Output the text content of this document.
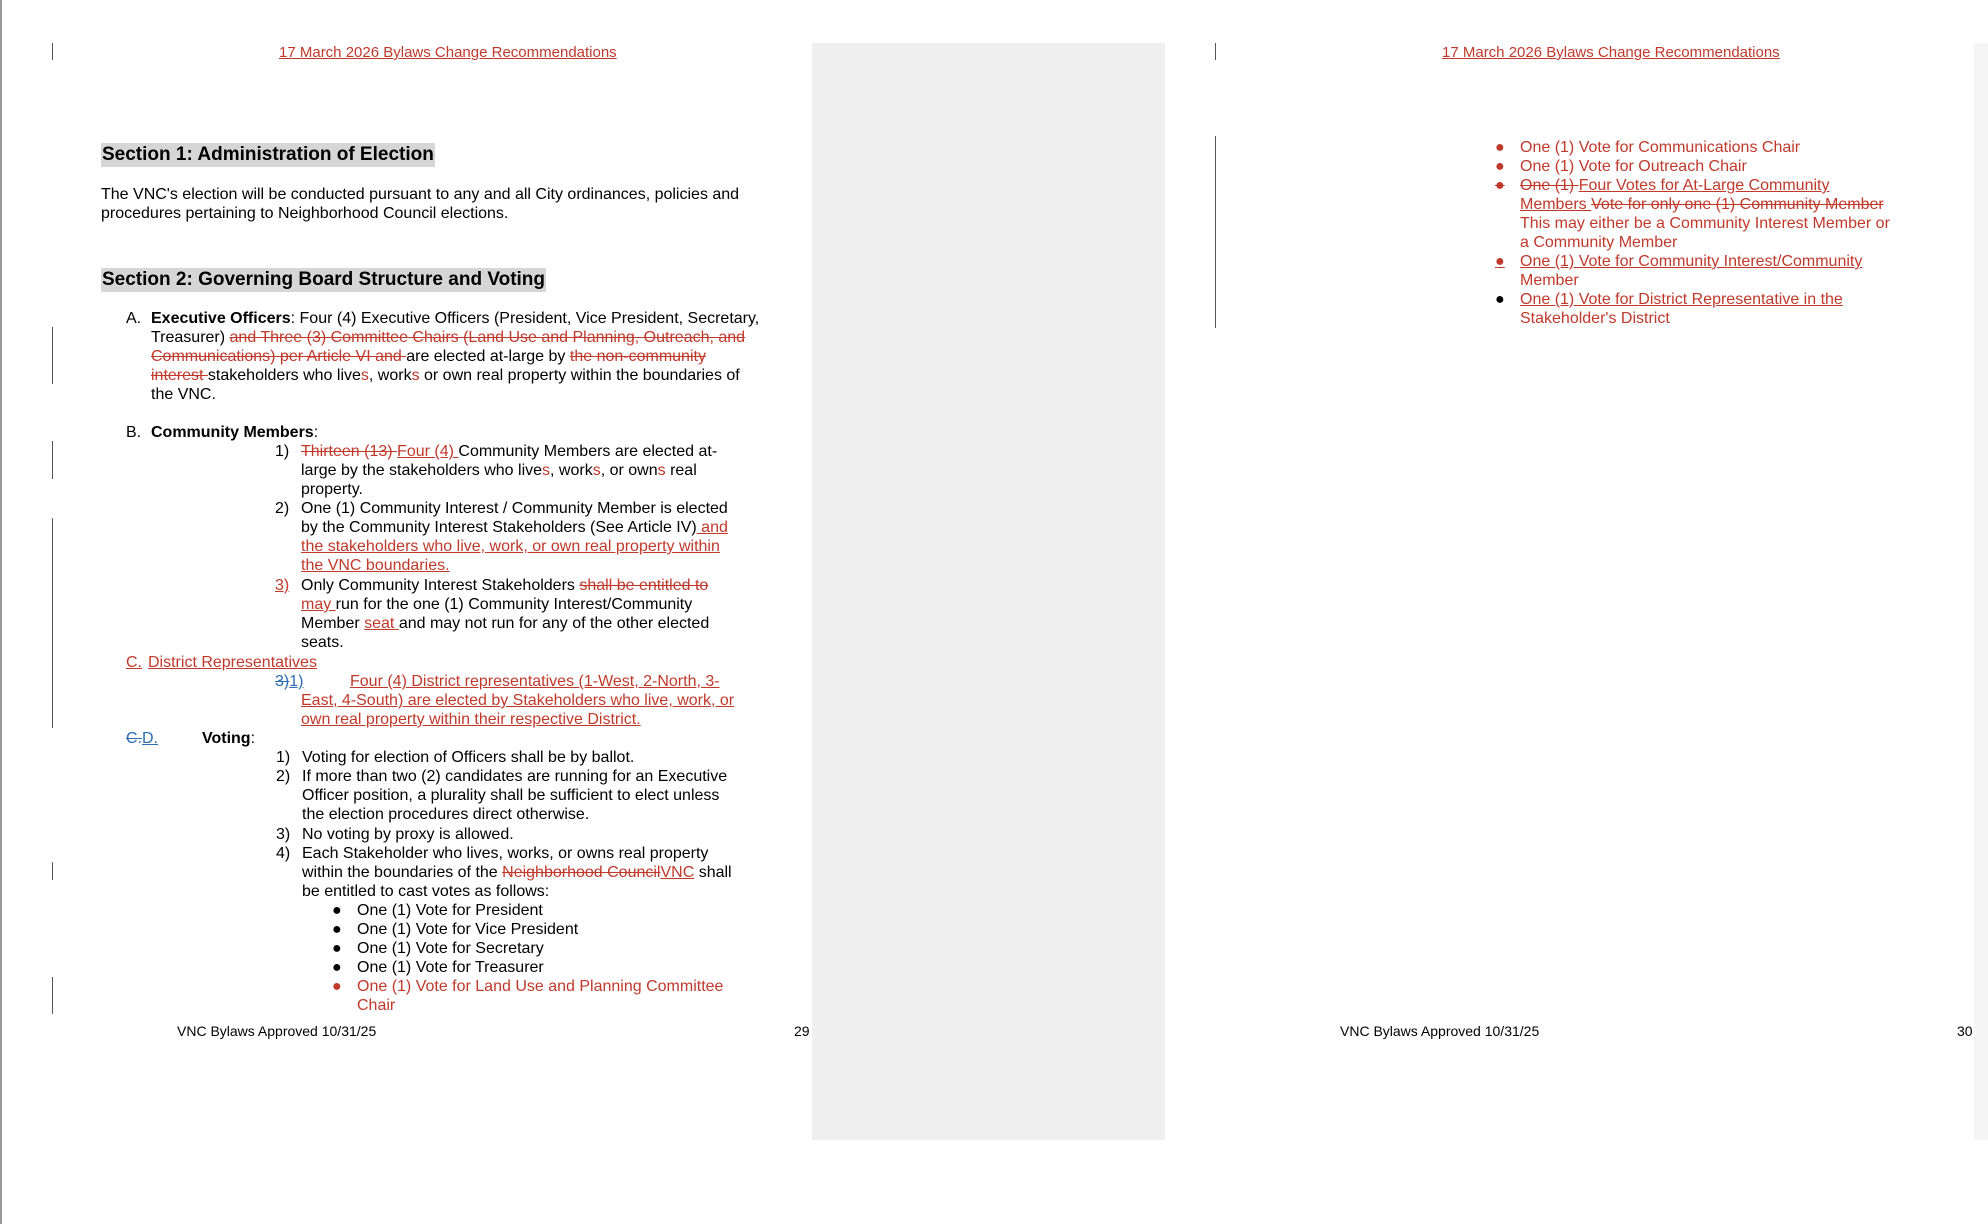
17 March 2026 Bylaws Change Recommendations
Section 1: Administration of Election
The VNC's election will be conducted pursuant to any and all City ordinances, policies and procedures pertaining to Neighborhood Council elections.
Section 2: Governing Board Structure and Voting
A. Executive Officers: Four (4) Executive Officers (President, Vice President, Secretary, Treasurer) and Three (3) Committee Chairs (Land Use and Planning, Outreach, and Communications) per Article VI and are elected at-large by the non-community interest stakeholders who lives, works or own real property within the boundaries of the VNC.
B. Community Members:
1) Thirteen (13) Four (4) Community Members are elected at-large by the stakeholders who lives, works, or owns real property.
2) One (1) Community Interest / Community Member is elected by the Community Interest Stakeholders (See Article IV) and the stakeholders who live, work, or own real property within the VNC boundaries.
3) Only Community Interest Stakeholders shall be entitled to may run for the one (1) Community Interest/Community Member seat and may not run for any of the other elected seats.
C. District Representatives
3)1)	Four (4) District representatives (1-West, 2-North, 3-East, 4-South) are elected by Stakeholders who live, work, or own real property within their respective District.
C.D.	Voting:
1) Voting for election of Officers shall be by ballot.
2) If more than two (2) candidates are running for an Executive Officer position, a plurality shall be sufficient to elect unless the election procedures direct otherwise.
3) No voting by proxy is allowed.
4) Each Stakeholder who lives, works, or owns real property within the boundaries of the Neighborhood CouncilVNC shall be entitled to cast votes as follows:
● One (1) Vote for President
● One (1) Vote for Vice President
● One (1) Vote for Secretary
● One (1) Vote for Treasurer
● One (1) Vote for Land Use and Planning Committee
Chair
VNC Bylaws Approved 10/31/25	29
17 March 2026 Bylaws Change Recommendations
● One (1) Vote for Communications Chair
● One (1) Vote for Outreach Chair
● One (1) Four Votes for At-Large Community
Members Vote for only one (1) Community Member
This may either be a Community Interest Member or
a Community Member
● One (1) Vote for Community Interest/Community
Member
● One (1) Vote for District Representative in the
Stakeholder's District
VNC Bylaws Approved 10/31/25	30
